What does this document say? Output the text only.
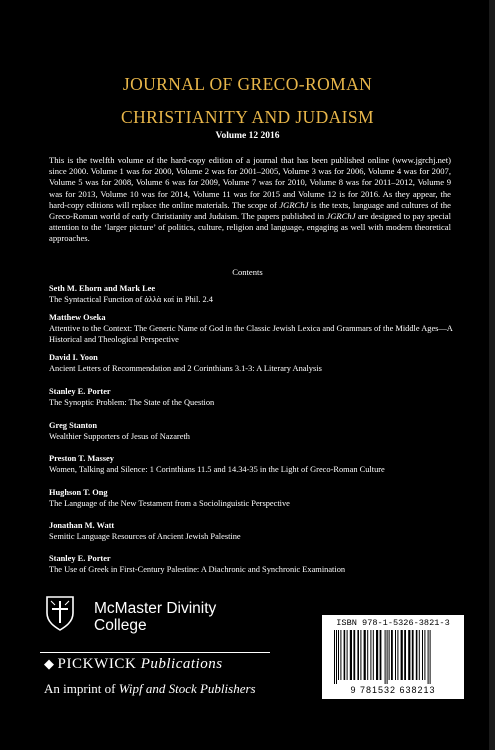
JOURNAL OF GRECO-ROMAN
CHRISTIANITY AND JUDAISM
Volume 12 2016
This is the twelfth volume of the hard-copy edition of a journal that has been published online (www.jgrchj.net) since 2000. Volume 1 was for 2000, Volume 2 was for 2001–2005, Volume 3 was for 2006, Volume 4 was for 2007, Volume 5 was for 2008, Volume 6 was for 2009, Volume 7 was for 2010, Volume 8 was for 2011–2012, Volume 9 was for 2013, Volume 10 was for 2014, Volume 11 was for 2015 and Volume 12 is for 2016. As they appear, the hard-copy editions will replace the online materials. The scope of JGRChJ is the texts, language and cultures of the Greco-Roman world of early Christianity and Judaism. The papers published in JGRChJ are designed to pay special attention to the ‘larger picture’ of politics, culture, religion and language, engaging as well with modern theoretical approaches.
Contents
Seth M. Ehorn and Mark Lee
The Syntactical Function of ἀλλὰ καί in Phil. 2.4
Matthew Oseka
Attentive to the Context: The Generic Name of God in the Classic Jewish Lexica and Grammars of the Middle Ages—A Historical and Theological Perspective
David I. Yoon
Ancient Letters of Recommendation and 2 Corinthians 3.1-3: A Literary Analysis
Stanley E. Porter
The Synoptic Problem: The State of the Question
Greg Stanton
Wealthier Supporters of Jesus of Nazareth
Preston T. Massey
Women, Talking and Silence: 1 Corinthians 11.5 and 14.34-35 in the Light of Greco-Roman Culture
Hughson T. Ong
The Language of the New Testament from a Sociolinguistic Perspective
Jonathan M. Watt
Semitic Language Resources of Ancient Jewish Palestine
Stanley E. Porter
The Use of Greek in First-Century Palestine: A Diachronic and Synchronic Examination
McMaster Divinity
College
◆ PICKWICK Publications
An imprint of Wipf and Stock Publishers
ISBN 978-1-5326-3821-3
9 781532 638213
